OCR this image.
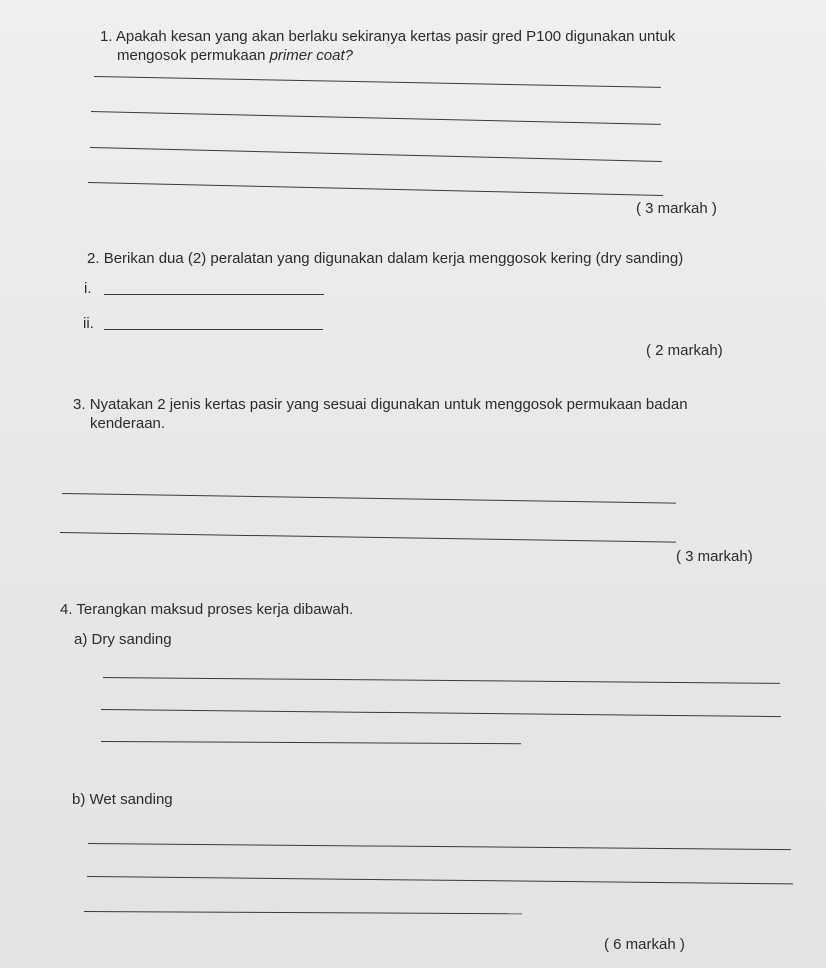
1. Apakah kesan yang akan berlaku sekiranya kertas pasir gred P100 digunakan untuk
mengosok permukaan primer coat?
( 3 markah )
2. Berikan dua (2) peralatan yang digunakan dalam kerja menggosok kering (dry sanding)
i.
ii.
( 2 markah)
3. Nyatakan 2 jenis kertas pasir yang sesuai digunakan untuk menggosok permukaan badan
kenderaan.
( 3 markah)
4. Terangkan maksud proses kerja dibawah.
a) Dry sanding
b) Wet sanding
( 6 markah )
